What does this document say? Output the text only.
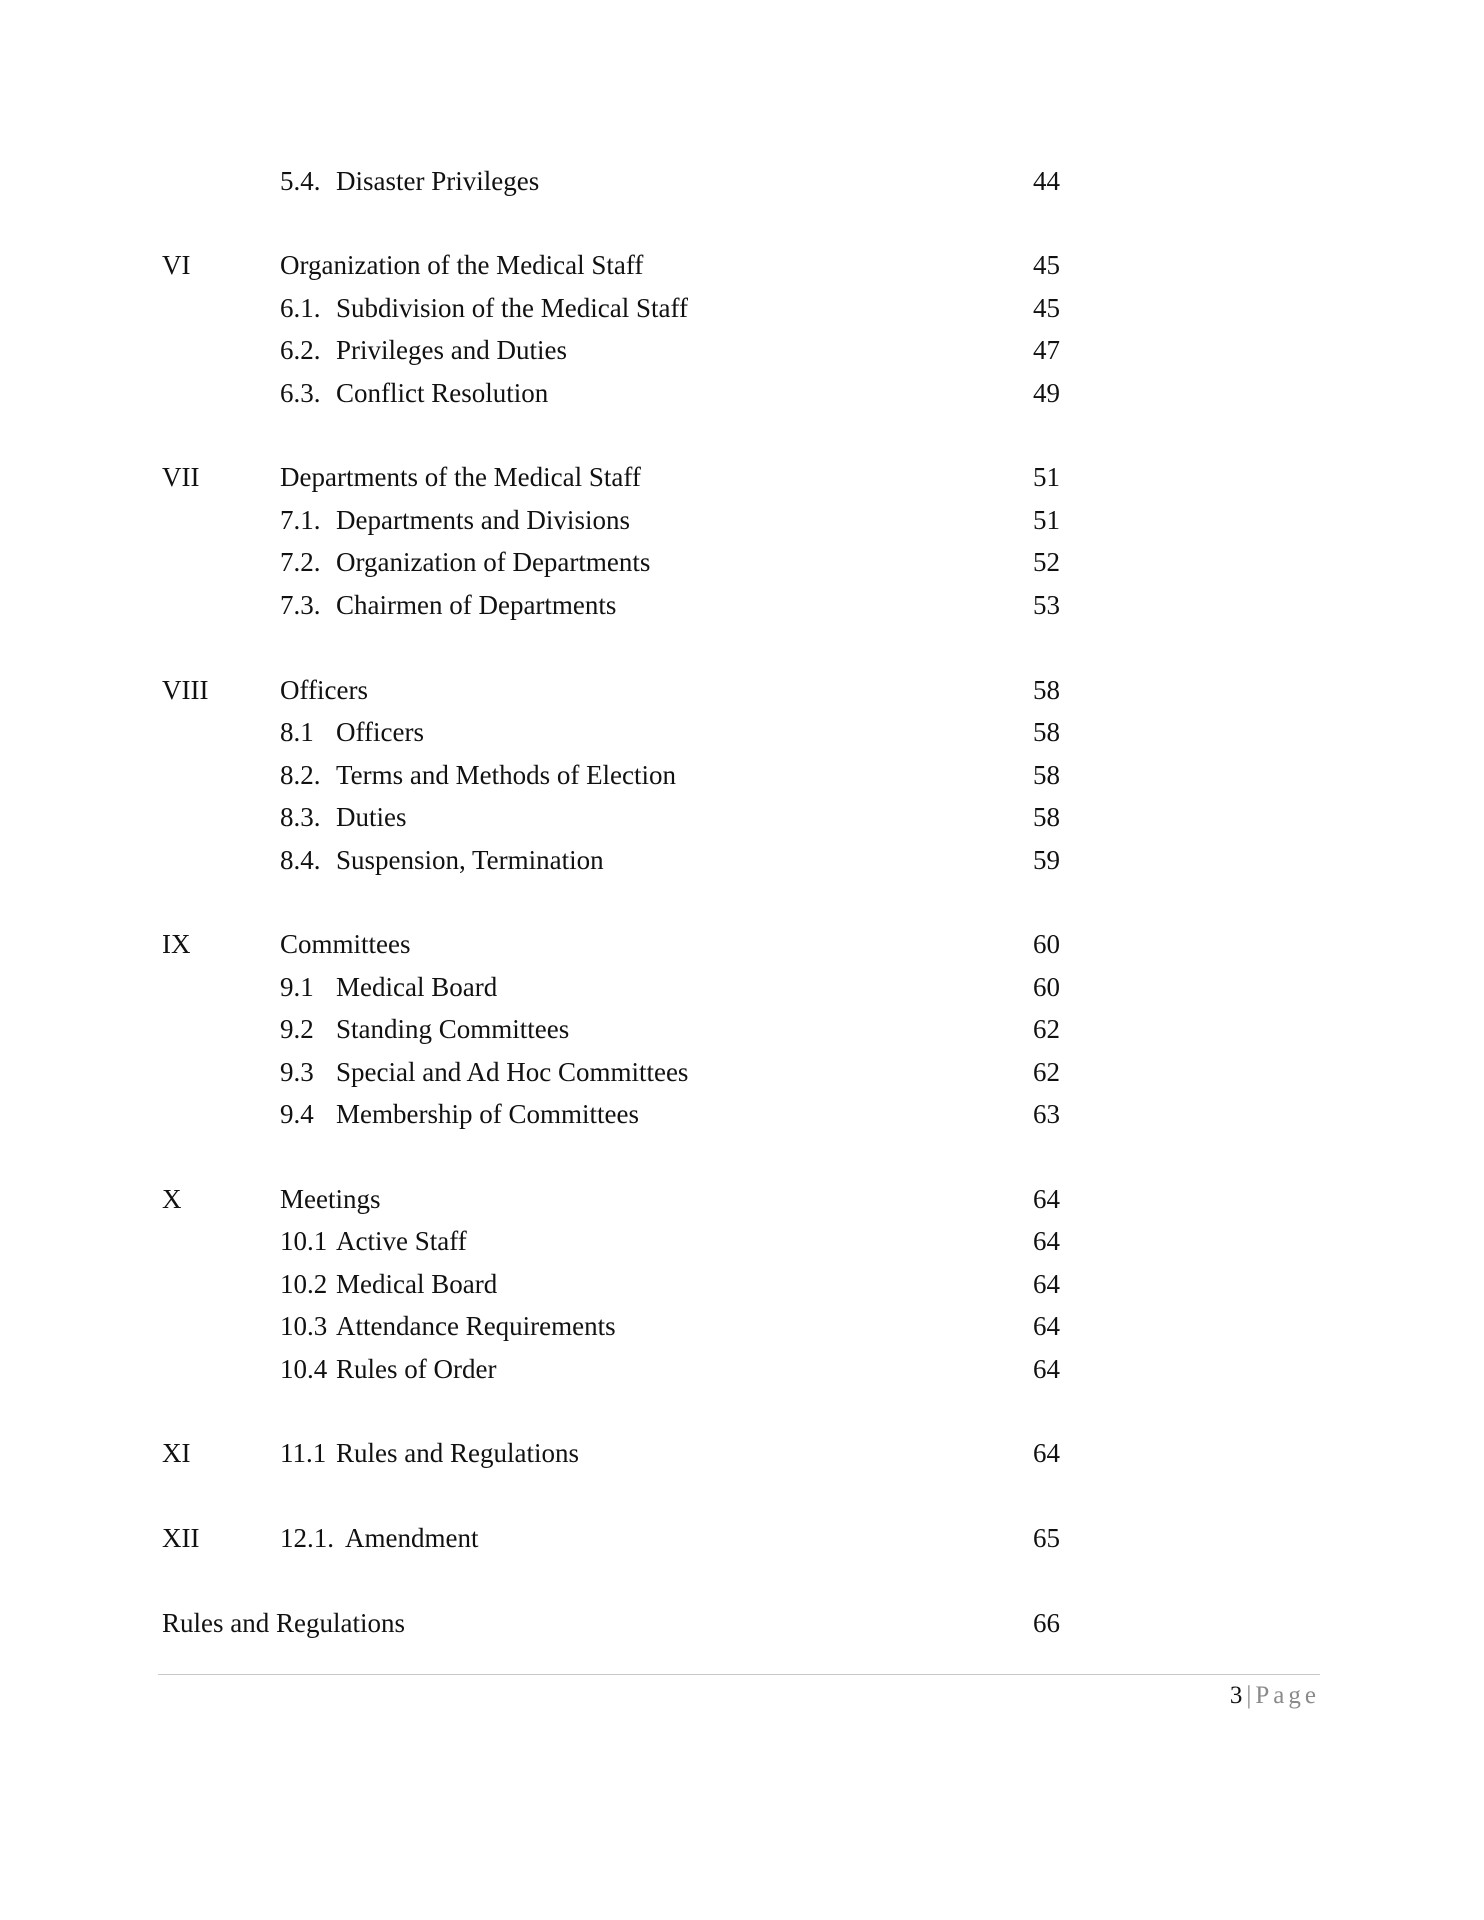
5.4. Disaster Privileges	44
VI	Organization of the Medical Staff	45
6.1. Subdivision of the Medical Staff	45
6.2. Privileges and Duties	47
6.3. Conflict Resolution	49
VII	Departments of the Medical Staff	51
7.1. Departments and Divisions	51
7.2. Organization of Departments	52
7.3. Chairmen of Departments	53
VIII	Officers	58
8.1 Officers	58
8.2. Terms and Methods of Election	58
8.3. Duties	58
8.4. Suspension, Termination	59
IX	Committees	60
9.1 Medical Board	60
9.2 Standing Committees	62
9.3 Special and Ad Hoc Committees	62
9.4 Membership of Committees	63
X	Meetings	64
10.1 Active Staff	64
10.2 Medical Board	64
10.3 Attendance Requirements	64
10.4 Rules of Order	64
XI	11.1 Rules and Regulations	64
XII	12.1. Amendment	65
Rules and Regulations	66
3 | Page
